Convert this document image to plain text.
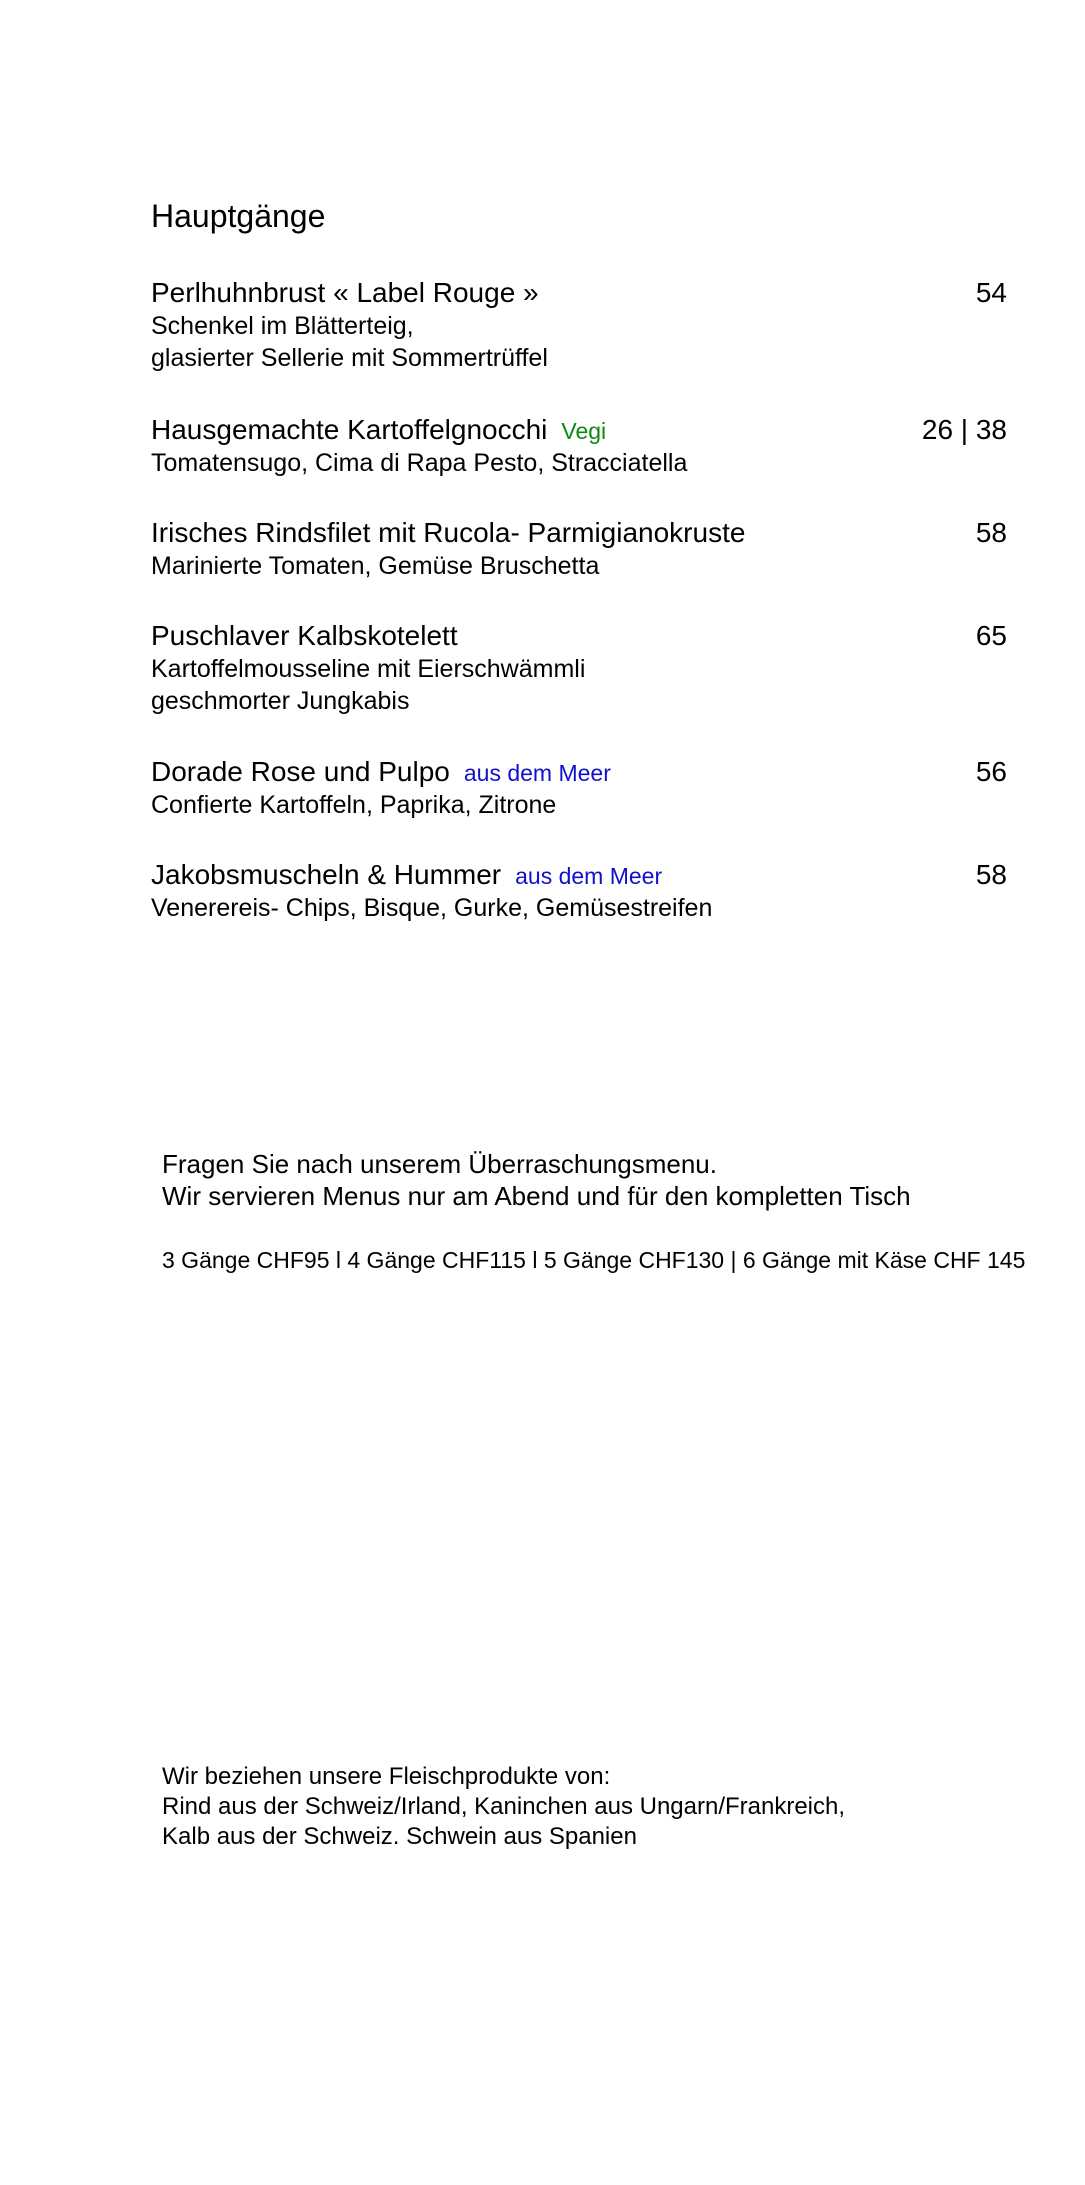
Hauptgänge
Perlhuhnbrust « Label Rouge »	54
Schenkel im Blätterteig,
glasierter Sellerie mit Sommertrüffel
Hausgemachte Kartoffelgnocchi Vegi	26 | 38
Tomatensugo, Cima di Rapa Pesto, Stracciatella
Irisches Rindsfilet mit Rucola- Parmigianokruste	58
Marinierte Tomaten, Gemüse Bruschetta
Puschlaver Kalbskotelett	65
Kartoffelmousseline mit Eierschwämmli
geschmorter Jungkabis
Dorade Rose und Pulpo aus dem Meer	56
Confierte Kartoffeln, Paprika, Zitrone
Jakobsmuscheln & Hummer aus dem Meer	58
Venerereis- Chips, Bisque, Gurke, Gemüsestreifen
Fragen Sie nach unserem Überraschungsmenu.
Wir servieren Menus nur am Abend und für den kompletten Tisch
3 Gänge CHF95 l 4 Gänge CHF115 l 5 Gänge CHF130 | 6 Gänge mit Käse CHF 145
Wir beziehen unsere Fleischprodukte von:
Rind aus der Schweiz/Irland, Kaninchen aus Ungarn/Frankreich,
Kalb aus der Schweiz. Schwein aus Spanien
